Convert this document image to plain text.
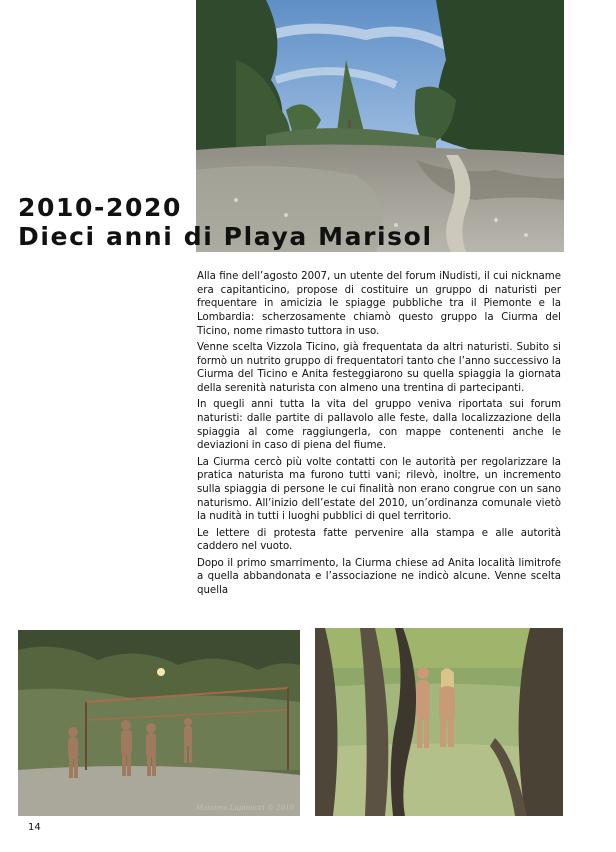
2010-2020
Dieci anni di Playa Marisol

Alla fine dell’agosto 2007, un utente del forum iNudisti, il cui nickname era capitanticino, propose di costituire un gruppo di naturisti per frequentare in amicizia le spiagge pubbliche tra il Piemonte e la Lombardia: scherzosamente chiamò questo gruppo la Ciurma del Ticino, nome rimasto tuttora in uso.

Venne scelta Vizzola Ticino, già frequentata da altri naturisti. Subito si formò un nutrito gruppo di frequentatori tanto che l’anno successivo la Ciurma del Ticino e Anita festeggiarono su quella spiaggia la giornata della serenità naturista con almeno una trentina di partecipanti.

In quegli anni tutta la vita del gruppo veniva riportata sui forum naturisti: dalle partite di pallavolo alle feste, dalla localizzazione della spiaggia al come raggiungerla, con mappe contenenti anche le deviazioni in caso di piena del fiume.

La Ciurma cercò più volte contatti con le autorità per regolarizzare la pratica naturista ma furono tutti vani; rilevò, inoltre, un incremento sulla spiaggia di persone le cui finalità non erano congrue con un sano naturismo. All’inizio dell’estate del 2010, un’ordinanza comunale vietò la nudità in tutti i luoghi pubblici di quel territorio.

Le lettere di protesta fatte pervenire alla stampa e alle autorità caddero nel vuoto.

Dopo il primo smarrimento, la Ciurma chiese ad Anita località limitrofe a quella abbandonata e l’associazione ne indicò alcune. Venne scelta quella

Massimo Lupinucci © 2010
14
